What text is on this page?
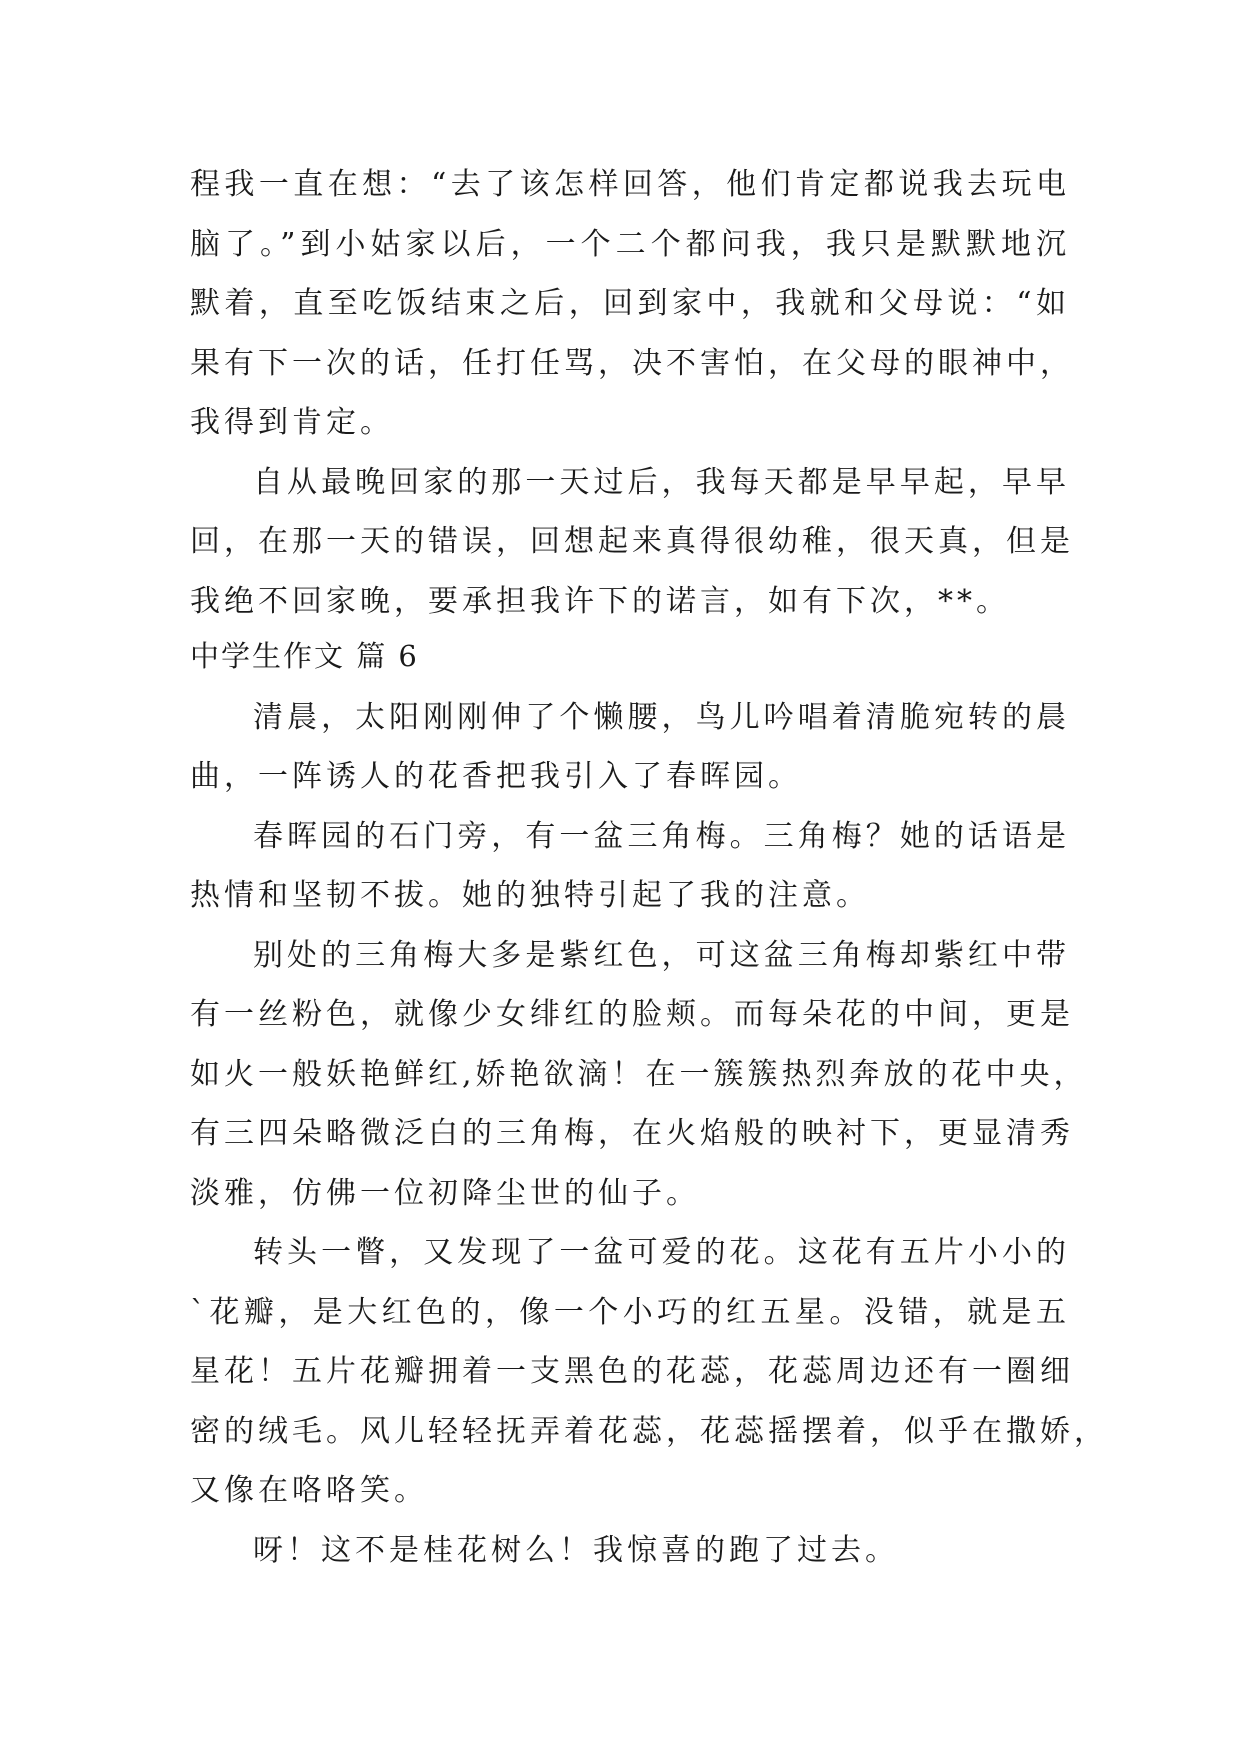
程我一直在想：“去了该怎样回答，他们肯定都说我去玩电
脑了。”到小姑家以后，一个二个都问我，我只是默默地沉
默着，直至吃饭结束之后，回到家中，我就和父母说：“如
果有下一次的话，任打任骂，决不害怕，在父母的眼神中，
我得到肯定。
自从最晚回家的那一天过后，我每天都是早早起，早早
回，在那一天的错误，回想起来真得很幼稚，很天真，但是
我绝不回家晚，要承担我许下的诺言，如有下次，**。
中学生作文 篇 6
清晨，太阳刚刚伸了个懒腰，鸟儿吟唱着清脆宛转的晨
曲，一阵诱人的花香把我引入了春晖园。
春晖园的石门旁，有一盆三角梅。三角梅？她的话语是
热情和坚韧不拔。她的独特引起了我的注意。
别处的三角梅大多是紫红色，可这盆三角梅却紫红中带
有一丝粉色，就像少女绯红的脸颊。而每朵花的中间，更是
如火一般妖艳鲜红,娇艳欲滴！在一簇簇热烈奔放的花中央，
有三四朵略微泛白的三角梅，在火焰般的映衬下，更显清秀
淡雅，仿佛一位初降尘世的仙子。
转头一瞥，又发现了一盆可爱的花。这花有五片小小的
`花瓣，是大红色的，像一个小巧的红五星。没错，就是五
星花！五片花瓣拥着一支黑色的花蕊，花蕊周边还有一圈细
密的绒毛。风儿轻轻抚弄着花蕊，花蕊摇摆着，似乎在撒娇，
又像在咯咯笑。
呀！这不是桂花树么！我惊喜的跑了过去。
